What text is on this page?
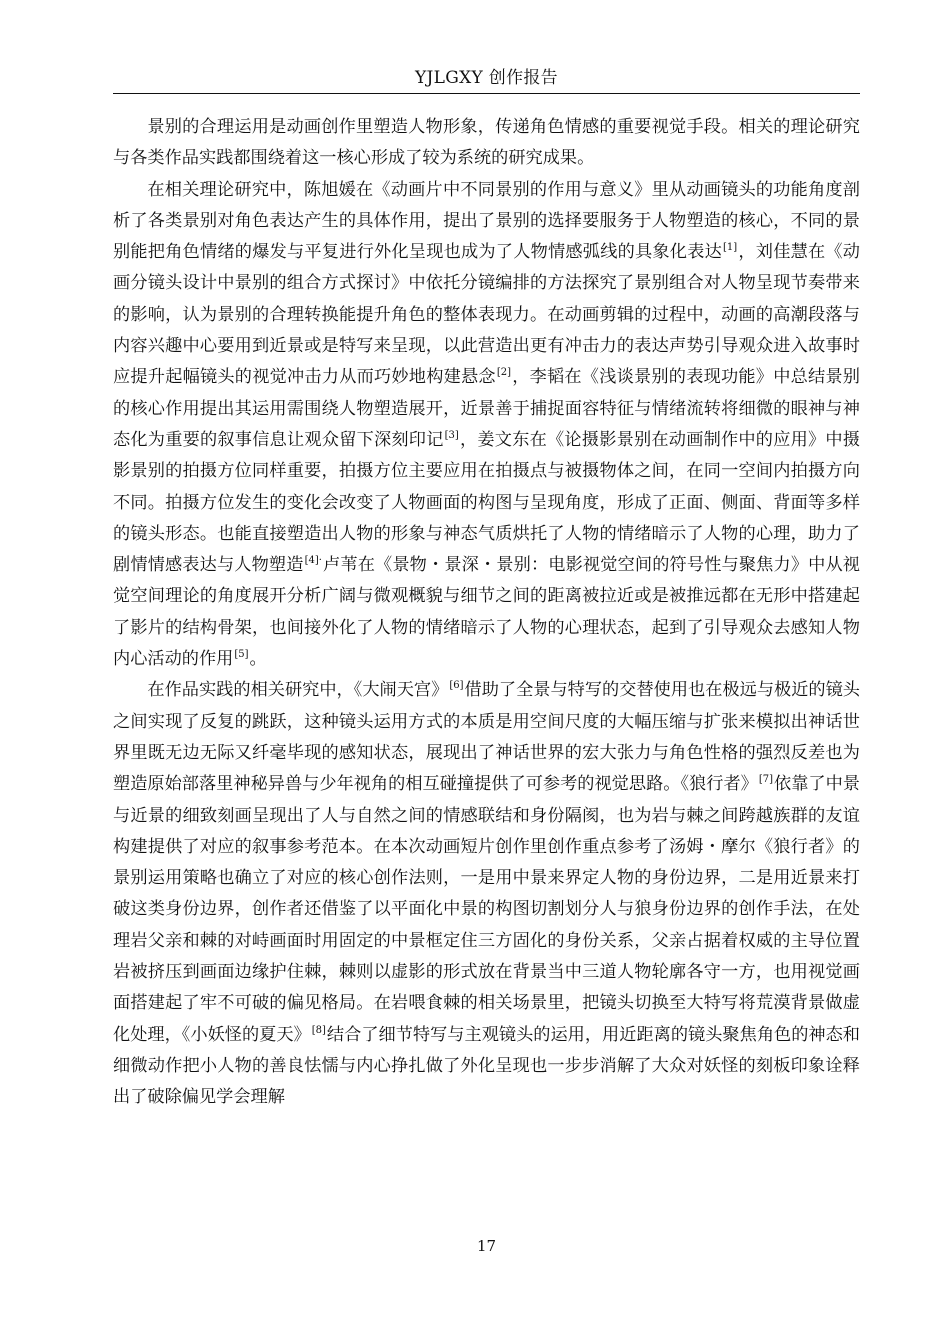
YJLGXY 创作报告

景别的合理运用是动画创作里塑造人物形象，传递角色情感的重要视觉手段。相关的理论研究与各类作品实践都围绕着这一核心形成了较为系统的研究成果。

在相关理论研究中，陈旭媛在《动画片中不同景别的作用与意义》里从动画镜头的功能角度剖析了各类景别对角色表达产生的具体作用，提出了景别的选择要服务于人物塑造的核心，不同的景别能把角色情绪的爆发与平复进行外化呈现也成为了人物情感弧线的具象化表达[1]，刘佳慧在《动画分镜头设计中景别的组合方式探讨》中依托分镜编排的方法探究了景别组合对人物呈现节奏带来的影响，认为景别的合理转换能提升角色的整体表现力。在动画剪辑的过程中，动画的高潮段落与内容兴趣中心要用到近景或是特写来呈现，以此营造出更有冲击力的表达声势引导观众进入故事时应提升起幅镜头的视觉冲击力从而巧妙地构建悬念[2]，李韬在《浅谈景别的表现功能》中总结景别的核心作用提出其运用需围绕人物塑造展开，近景善于捕捉面容特征与情绪流转将细微的眼神与神态化为重要的叙事信息让观众留下深刻印记[3]，姜文东在《论摄影景别在动画制作中的应用》中摄影景别的拍摄方位同样重要，拍摄方位主要应用在拍摄点与被摄物体之间，在同一空间内拍摄方向不同。拍摄方位发生的变化会改变了人物画面的构图与呈现角度，形成了正面、侧面、背面等多样的镜头形态。也能直接塑造出人物的形象与神态气质烘托了人物的情绪暗示了人物的心理，助力了剧情情感表达与人物塑造$^{[4]\cdot}$卢苇在《景物・景深・景别：电影视觉空间的符号性与聚焦力》中从视觉空间理论的角度展开分析广阔与微观概貌与细节之间的距离被拉近或是被推远都在无形中搭建起了影片的结构骨架，也间接外化了人物的情绪暗示了人物的心理状态，起到了引导观众去感知人物内心活动的作用[5]。

在作品实践的相关研究中，《大闹天宫》[6]借助了全景与特写的交替使用也在极远与极近的镜头之间实现了反复的跳跃，这种镜头运用方式的本质是用空间尺度的大幅压缩与扩张来模拟出神话世界里既无边无际又纤毫毕现的感知状态，展现出了神话世界的宏大张力与角色性格的强烈反差也为塑造原始部落里神秘异兽与少年视角的相互碰撞提供了可参考的视觉思路。《狼行者》[7]依靠了中景与近景的细致刻画呈现出了人与自然之间的情感联结和身份隔阂，也为岩与棘之间跨越族群的友谊构建提供了对应的叙事参考范本。在本次动画短片创作里创作重点参考了汤姆・摩尔《狼行者》的景别运用策略也确立了对应的核心创作法则，一是用中景来界定人物的身份边界，二是用近景来打破这类身份边界，创作者还借鉴了以平面化中景的构图切割划分人与狼身份边界的创作手法，在处理岩父亲和棘的对峙画面时用固定的中景框定住三方固化的身份关系，父亲占据着权威的主导位置岩被挤压到画面边缘护住棘，棘则以虚影的形式放在背景当中三道人物轮廓各守一方，也用视觉画面搭建起了牢不可破的偏见格局。在岩喂食棘的相关场景里，把镜头切换至大特写将荒漠背景做虚化处理，《小妖怪的夏天》[8]结合了细节特写与主观镜头的运用，用近距离的镜头聚焦角色的神态和细微动作把小人物的善良怯懦与内心挣扎做了外化呈现也一步步消解了大众对妖怪的刻板印象诠释出了破除偏见学会理解

17
